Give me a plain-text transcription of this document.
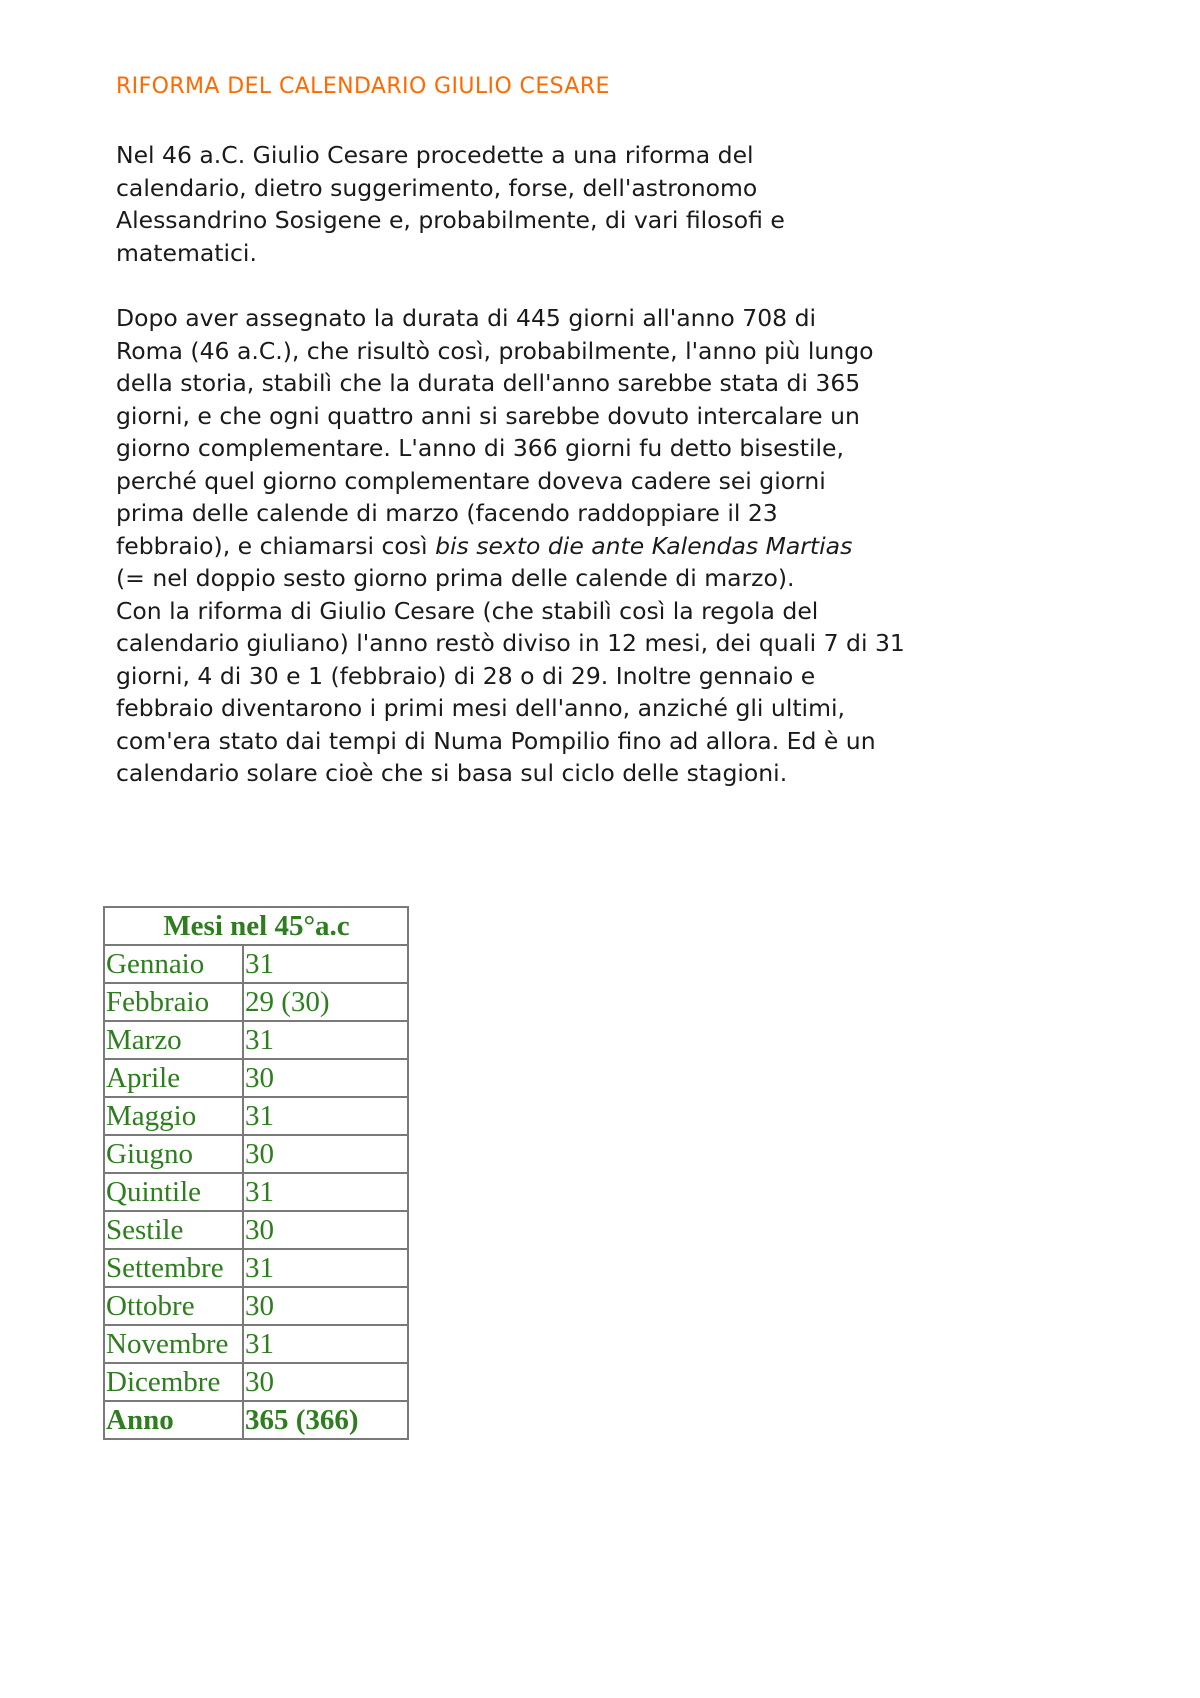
RIFORMA DEL CALENDARIO GIULIO CESARE
Nel 46 a.C. Giulio Cesare procedette a una riforma del
calendario, dietro suggerimento, forse, dell'astronomo
Alessandrino Sosigene e, probabilmente, di vari filosofi e
matematici.
Dopo aver assegnato la durata di 445 giorni all'anno 708 di
Roma (46 a.C.), che risultò così, probabilmente, l'anno più lungo
della storia, stabilì che la durata dell'anno sarebbe stata di 365
giorni, e che ogni quattro anni si sarebbe dovuto intercalare un
giorno complementare. L'anno di 366 giorni fu detto bisestile,
perché quel giorno complementare doveva cadere sei giorni
prima delle calende di marzo (facendo raddoppiare il 23
febbraio), e chiamarsi così bis sexto die ante Kalendas Martias
(= nel doppio sesto giorno prima delle calende di marzo).
Con la riforma di Giulio Cesare (che stabilì così la regola del
calendario giuliano) l'anno restò diviso in 12 mesi, dei quali 7 di 31
giorni, 4 di 30 e 1 (febbraio) di 28 o di 29. Inoltre gennaio e
febbraio diventarono i primi mesi dell'anno, anziché gli ultimi,
com'era stato dai tempi di Numa Pompilio fino ad allora. Ed è un
calendario solare cioè che si basa sul ciclo delle stagioni.
Mesi nel 45°a.c	
Gennaio	31
Febbraio	29 (30)
Marzo	31
Aprile	30
Maggio	31
Giugno	30
Quintile	31
Sestile	30
Settembre	31
Ottobre	30
Novembre	31
Dicembre	30
Anno	365 (366)
